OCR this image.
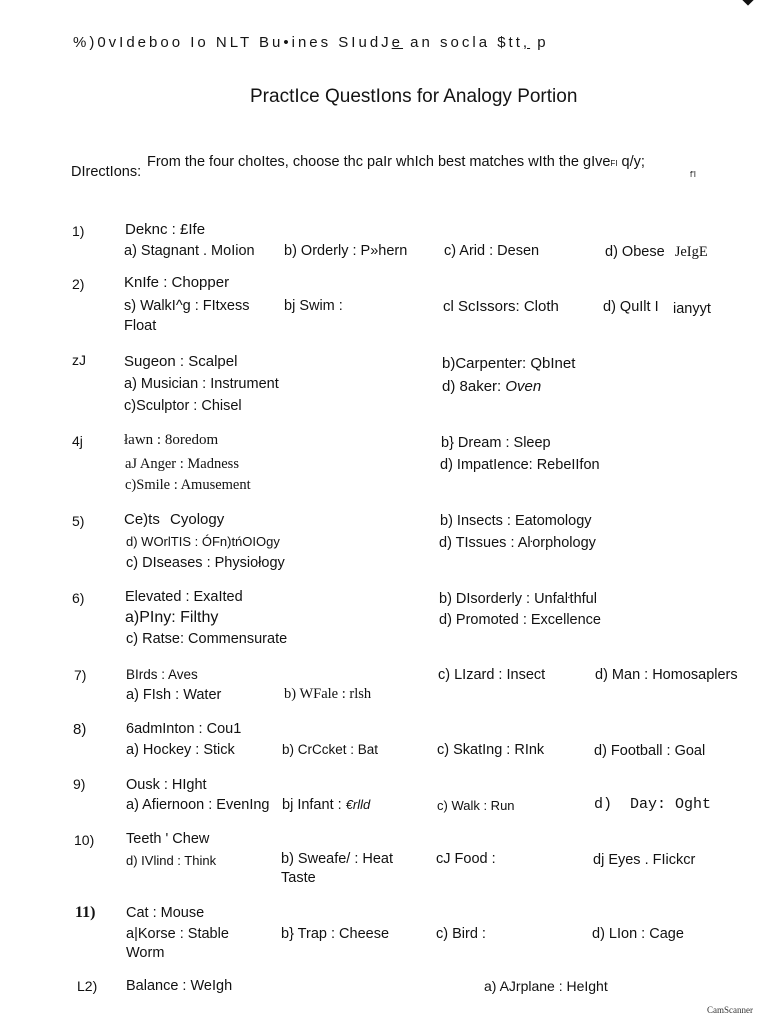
%)0vIdeboo Io NLT Bu•ines SIudJe an socla $tt, p
PractIce QuestIons for Analogy Portion
DIrectIons:
From the four choItes, choose thc paIr whIch best matches wIth the gIveFI q/y;
f'I
1)	Deknc : £Ife
a) Stagnant . MoIion b) Orderly : P»hern	c) Arid : Desen	d) Obese JeIgE
2)	KnIfe : Chopper
s) WalkI^g : FItxess
Float
bj Swim :	cl ScIssors: Cloth	d) QuIlt I ianyyt
zJ	Sugeon : Scalpel
a) Musician : Instrument
b)Carpenter: QbInet
c)Sculptor : Chisel
d) 8aker: Oven
4j	ławn : 8oredom	b} Dream : Sleep
aJ Anger : Madness	d) ImpatIence: RebeIIfon
c)Smile : Amusement
5)	Ce)ts Cyology	b) Insects : Eatomology
d) WOrlTIS : ÓFn)tńOIOgy	d) TIssues : Aŀorphology
c) DIseases : Physiołogy
6)	Elevated : ExaIted	b) DIsorderly : Unfaŀthful
a)PIny: Filthy	d) Promoted : Excellence
c) Ratse: Commensurate
7)	BIrds : Aves	c) LIzard : Insect	d) Man : Homosaplers
a) FIsh : Water	b) WFale : rlsh
8)	6admInton : Cou1
a) Hockey : Stick	b) CrCcket : Bat	c) SkatIng : RInk	d) Football : Goal
9)	Ousk : HIght
a) Afiernoon : EvenIng bj Infant : €rlld	c) Walk : Run	d)  Day: Oght
10) Teeth ' Chew
d) IVlind : Think	b) Sweafe/ : Heat
Taste
cJ Food :	dj Eyes . FIickcr
11) Cat : Mouse
a|Korse : Stable
Worm
b} Trap : Cheese	c) Bird :	d) LIon : Cage
L2) Balance : WeIgh	a) AJrplane : HeIght
CamScanner
